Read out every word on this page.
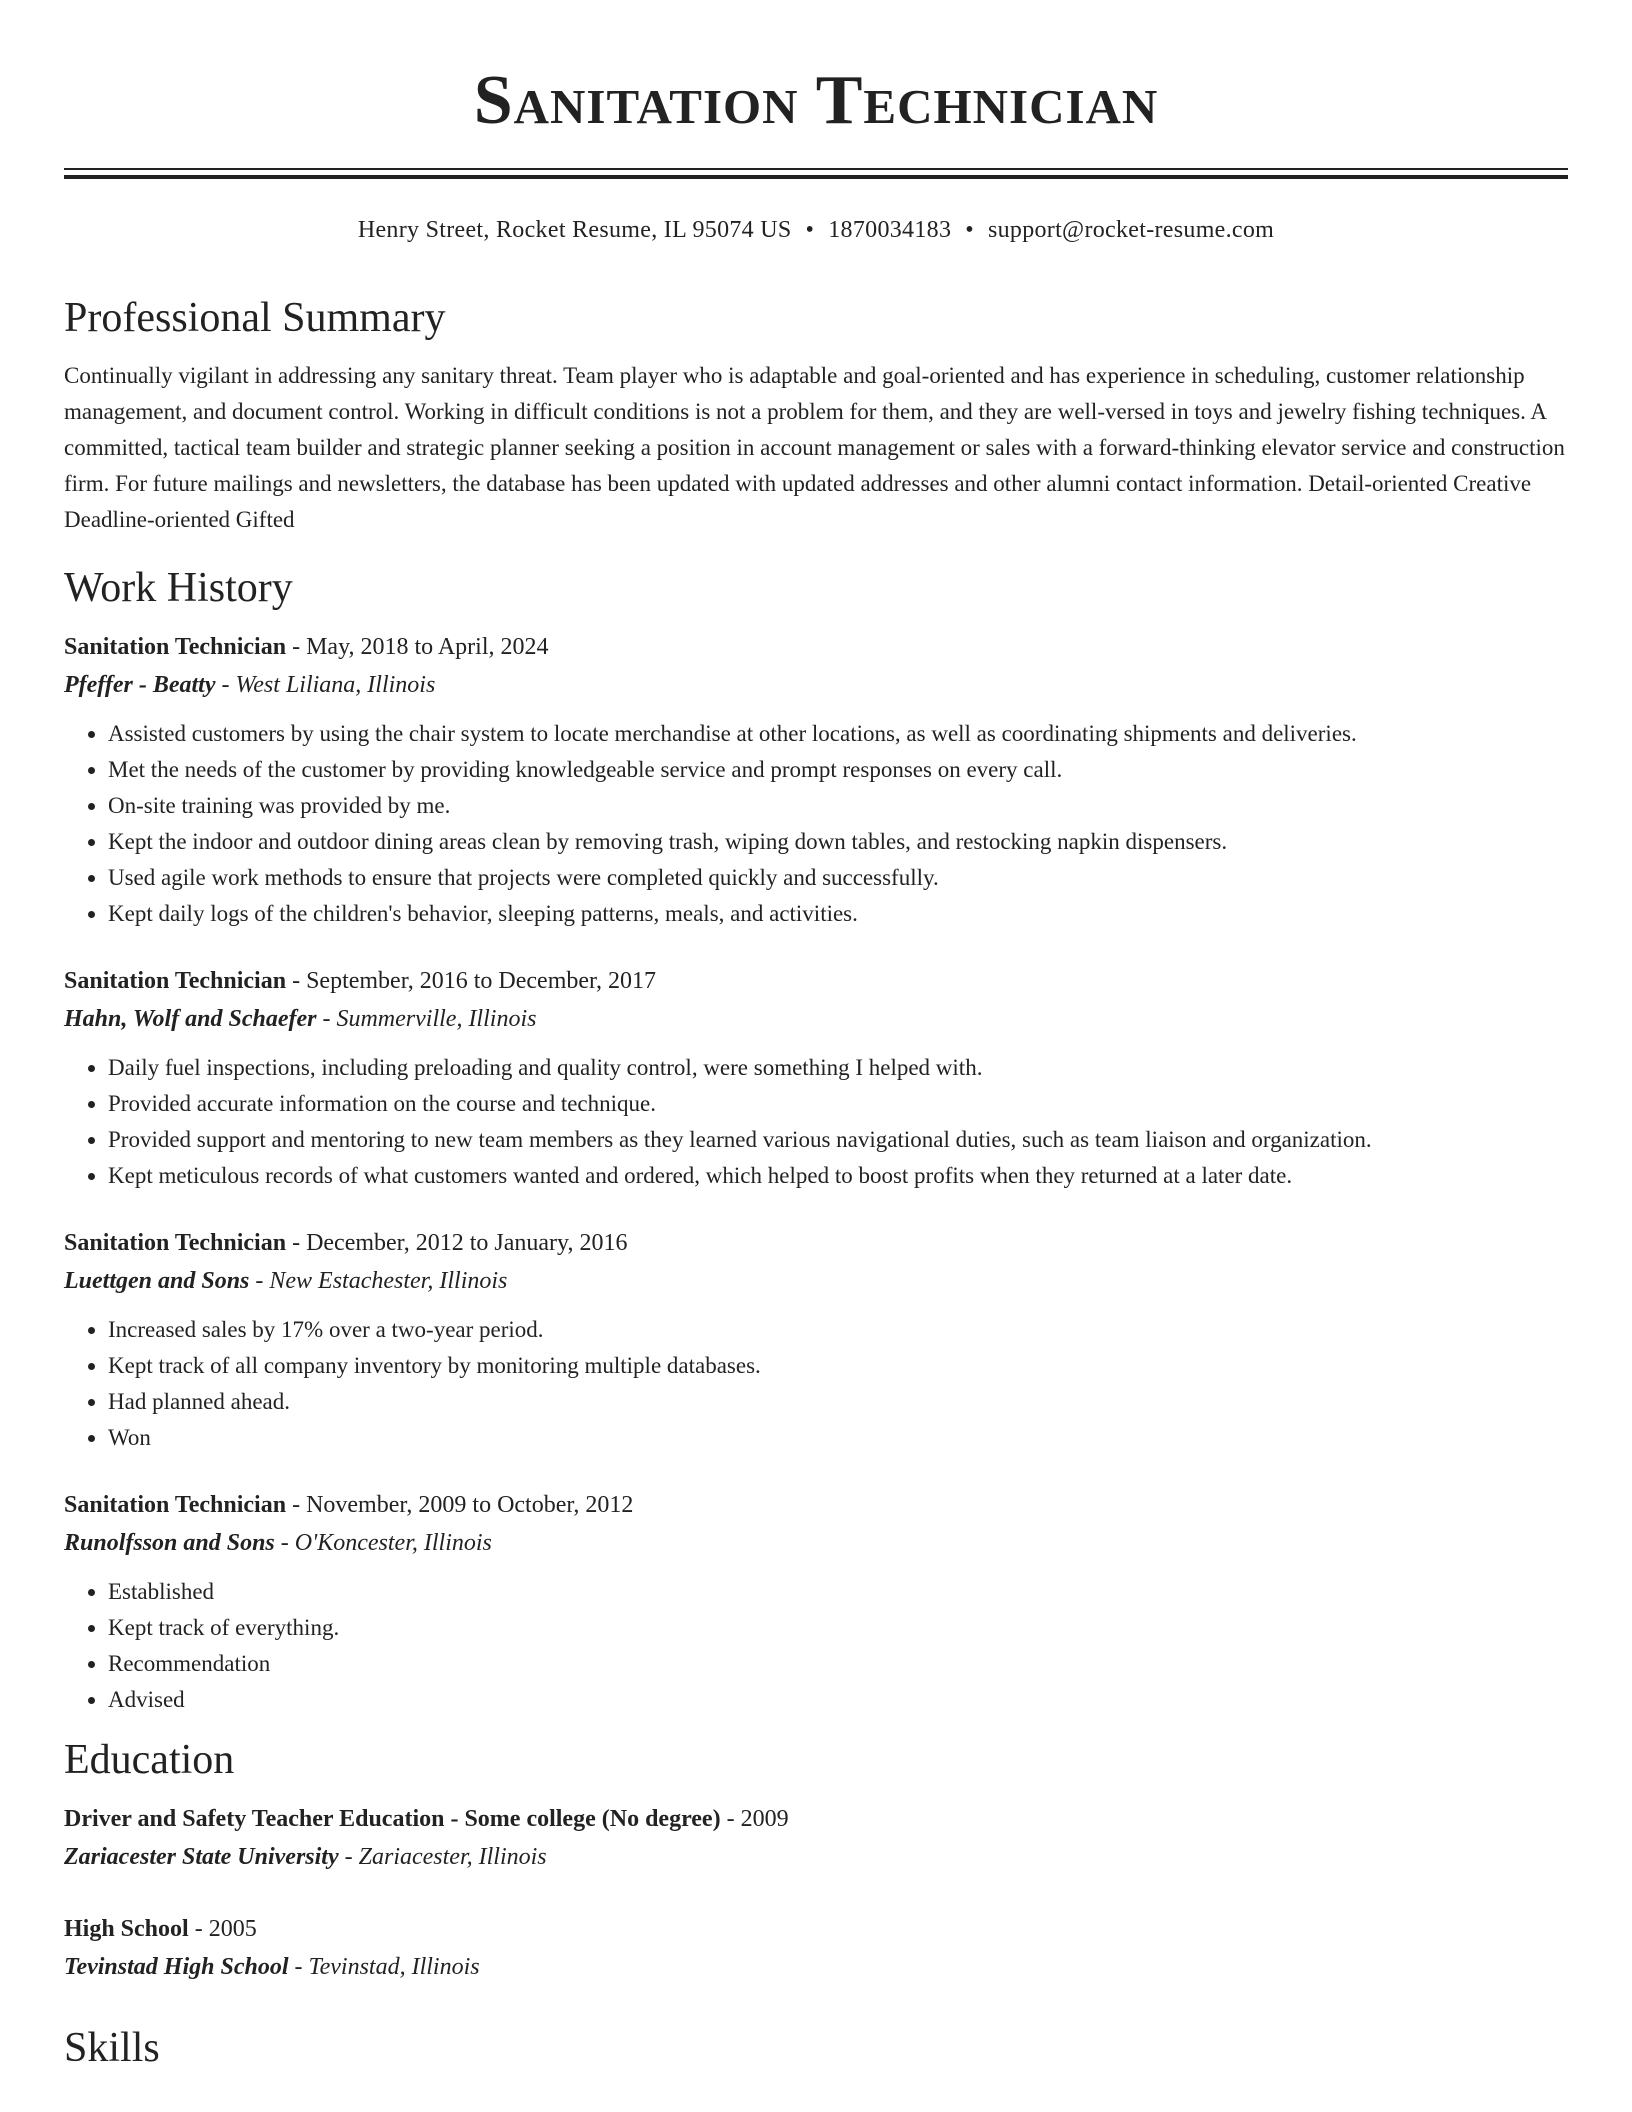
Sanitation Technician
Henry Street, Rocket Resume, IL 95074 US • 1870034183 • support@rocket-resume.com
Professional Summary

Continually vigilant in addressing any sanitary threat. Team player who is adaptable and goal-oriented and has experience in scheduling, customer relationship management, and document control. Working in difficult conditions is not a problem for them, and they are well-versed in toys and jewelry fishing techniques. A committed, tactical team builder and strategic planner seeking a position in account management or sales with a forward-thinking elevator service and construction firm. For future mailings and newsletters, the database has been updated with updated addresses and other alumni contact information. Detail-oriented Creative Deadline-oriented Gifted

Work History
Sanitation Technician - May, 2018 to April, 2024
Pfeffer - Beatty - West Liliana, Illinois
• Assisted customers by using the chair system to locate merchandise at other locations, as well as coordinating shipments and deliveries.
• Met the needs of the customer by providing knowledgeable service and prompt responses on every call.
• On-site training was provided by me.
• Kept the indoor and outdoor dining areas clean by removing trash, wiping down tables, and restocking napkin dispensers.
• Used agile work methods to ensure that projects were completed quickly and successfully.
• Kept daily logs of the children's behavior, sleeping patterns, meals, and activities.
Sanitation Technician - September, 2016 to December, 2017
Hahn, Wolf and Schaefer - Summerville, Illinois
• Daily fuel inspections, including preloading and quality control, were something I helped with.
• Provided accurate information on the course and technique.
• Provided support and mentoring to new team members as they learned various navigational duties, such as team liaison and organization.
• Kept meticulous records of what customers wanted and ordered, which helped to boost profits when they returned at a later date.
Sanitation Technician - December, 2012 to January, 2016
Luettgen and Sons - New Estachester, Illinois
• Increased sales by 17% over a two-year period.
• Kept track of all company inventory by monitoring multiple databases.
• Had planned ahead.
• Won
Sanitation Technician - November, 2009 to October, 2012
Runolfsson and Sons - O'Koncester, Illinois
• Established
• Kept track of everything.
• Recommendation
• Advised
Education
Driver and Safety Teacher Education - Some college (No degree) - 2009
Zariacester State University - Zariacester, Illinois
High School - 2005
Tevinstad High School - Tevinstad, Illinois
Skills
